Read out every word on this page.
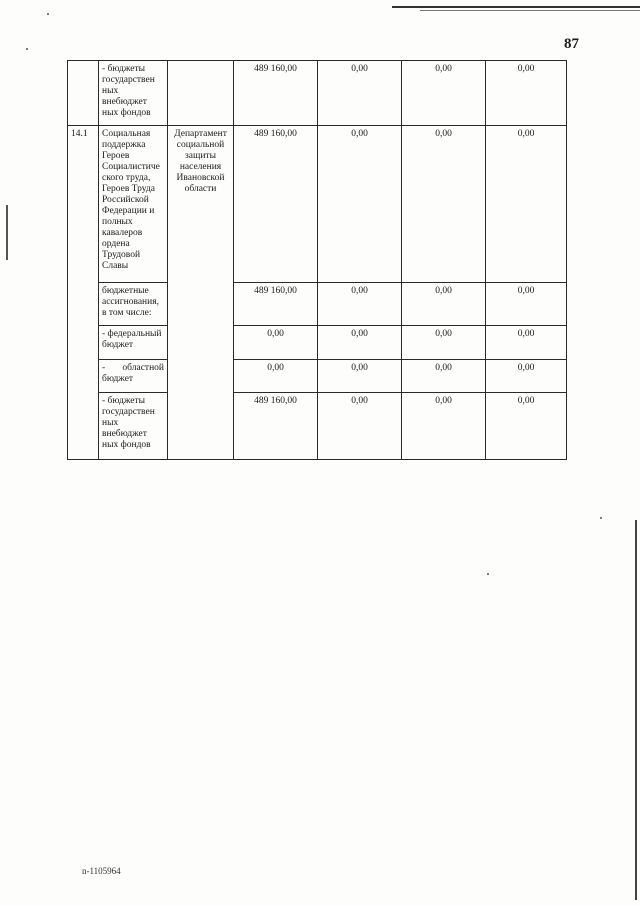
87
	- бюджеты государствен ных внебюджет ных фондов		489 160,00	0,00	0,00	0,00
14.1	Социальная поддержка Героев Социалистиче ского труда, Героев Труда Российской Федерации и полных кавалеров ордена Трудовой Славы	Департамент социальной защиты населения Ивановской области	489 160,00	0,00	0,00	0,00
	бюджетные ассигнования, в том числе:		489 160,00	0,00	0,00	0,00
	- федеральный бюджет		0,00	0,00	0,00	0,00
	- областной бюджет		0,00	0,00	0,00	0,00
	- бюджеты государствен ных внебюджет ных фондов		489 160,00	0,00	0,00	0,00
n-1105964
